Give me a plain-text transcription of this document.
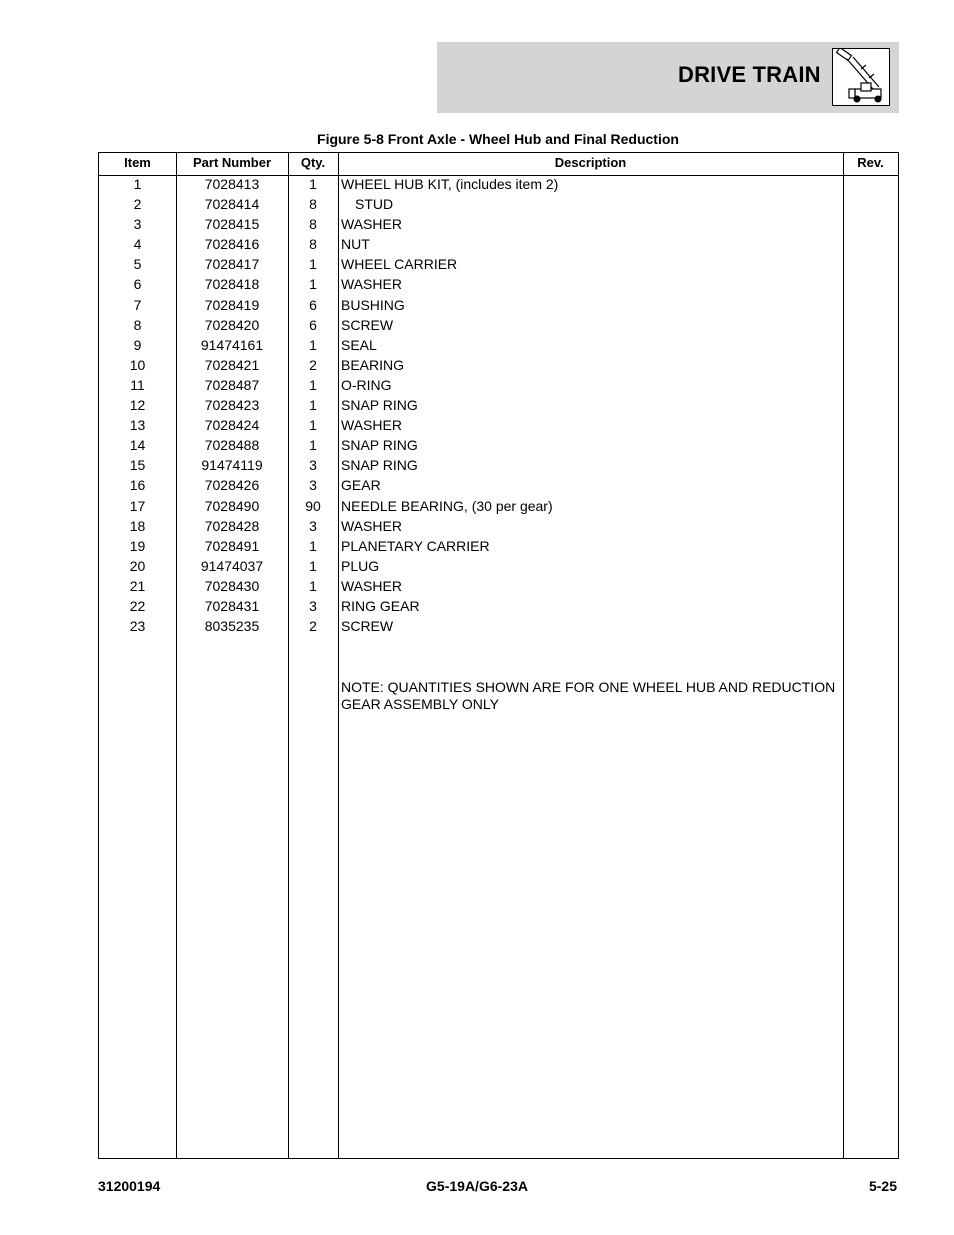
DRIVE TRAIN
Figure 5-8 Front Axle - Wheel Hub and Final Reduction
Item	Part Number	Qty.	Description	Rev.
1	7028413	1	WHEEL HUB KIT, (includes item 2)
2	7028414	8	STUD
3	7028415	8	WASHER
4	7028416	8	NUT
5	7028417	1	WHEEL CARRIER
6	7028418	1	WASHER
7	7028419	6	BUSHING
8	7028420	6	SCREW
9	91474161	1	SEAL
10	7028421	2	BEARING
11	7028487	1	O-RING
12	7028423	1	SNAP RING
13	7028424	1	WASHER
14	7028488	1	SNAP RING
15	91474119	3	SNAP RING
16	7028426	3	GEAR
17	7028490	90	NEEDLE BEARING, (30 per gear)
18	7028428	3	WASHER
19	7028491	1	PLANETARY CARRIER
20	91474037	1	PLUG
21	7028430	1	WASHER
22	7028431	3	RING GEAR
23	8035235	2	SCREW
NOTE: QUANTITIES SHOWN ARE FOR ONE WHEEL HUB AND REDUCTION
GEAR ASSEMBLY ONLY
31200194	G5-19A/G6-23A	5-25
